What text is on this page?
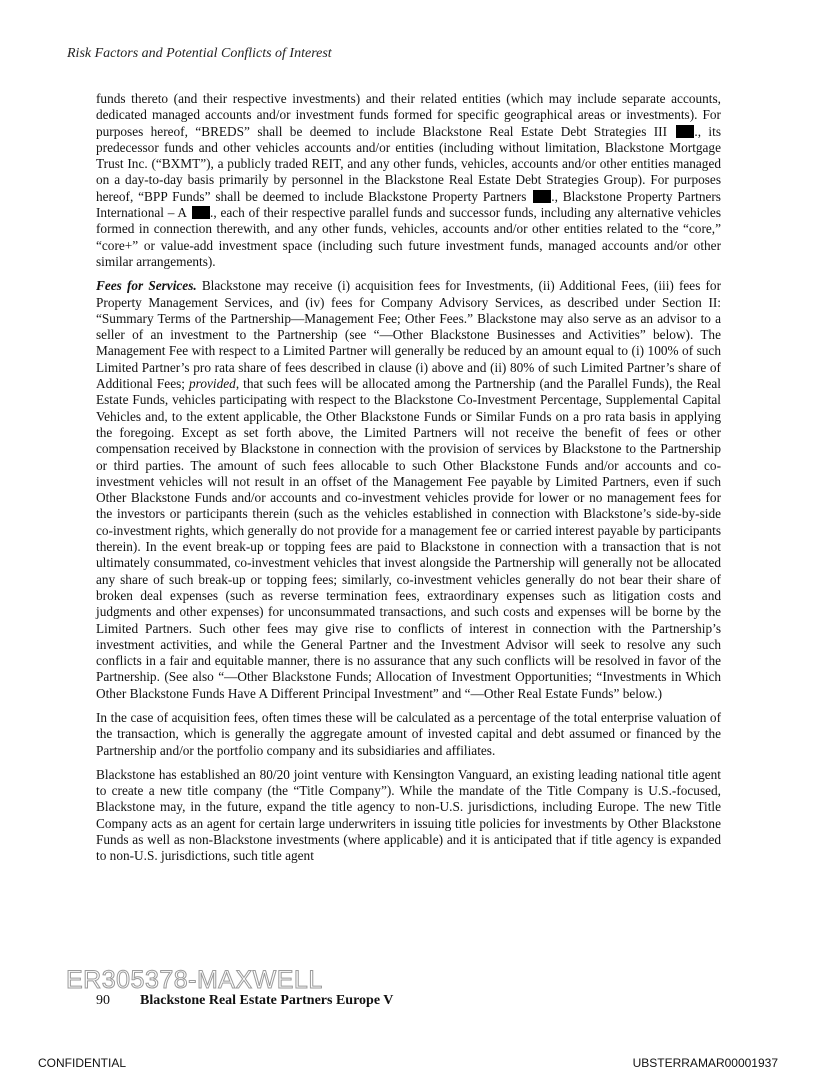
Risk Factors and Potential Conflicts of Interest

funds thereto (and their respective investments) and their related entities (which may include separate accounts, dedicated managed accounts and/or investment funds formed for specific geographical areas or investments). For purposes hereof, “BREDS” shall be deemed to include Blackstone Real Estate Debt Strategies III ., its predecessor funds and other vehicles accounts and/or entities (including without limitation, Blackstone Mortgage Trust Inc. (“BXMT”), a publicly traded REIT, and any other funds, vehicles, accounts and/or other entities managed on a day-to-day basis primarily by personnel in the Blackstone Real Estate Debt Strategies Group). For purposes hereof, “BPP Funds” shall be deemed to include Blackstone Property Partners ., Blackstone Property Partners International – A ., each of their respective parallel funds and successor funds, including any alternative vehicles formed in connection therewith, and any other funds, vehicles, accounts and/or other entities related to the “core,” “core+” or value-add investment space (including such future investment funds, managed accounts and/or other similar arrangements).

Fees for Services. Blackstone may receive (i) acquisition fees for Investments, (ii) Additional Fees, (iii) fees for Property Management Services, and (iv) fees for Company Advisory Services, as described under Section II: “Summary Terms of the Partnership—Management Fee; Other Fees.” Blackstone may also serve as an advisor to a seller of an investment to the Partnership (see “—Other Blackstone Businesses and Activities” below). The Management Fee with respect to a Limited Partner will generally be reduced by an amount equal to (i) 100% of such Limited Partner’s pro rata share of fees described in clause (i) above and (ii) 80% of such Limited Partner’s share of Additional Fees; provided, that such fees will be allocated among the Partnership (and the Parallel Funds), the Real Estate Funds, vehicles participating with respect to the Blackstone Co-Investment Percentage, Supplemental Capital Vehicles and, to the extent applicable, the Other Blackstone Funds or Similar Funds on a pro rata basis in applying the foregoing. Except as set forth above, the Limited Partners will not receive the benefit of fees or other compensation received by Blackstone in connection with the provision of services by Blackstone to the Partnership or third parties. The amount of such fees allocable to such Other Blackstone Funds and/or accounts and co-investment vehicles will not result in an offset of the Management Fee payable by Limited Partners, even if such Other Blackstone Funds and/or accounts and co-investment vehicles provide for lower or no management fees for the investors or participants therein (such as the vehicles established in connection with Blackstone’s side-by-side co-investment rights, which generally do not provide for a management fee or carried interest payable by participants therein). In the event break-up or topping fees are paid to Blackstone in connection with a transaction that is not ultimately consummated, co-investment vehicles that invest alongside the Partnership will generally not be allocated any share of such break-up or topping fees; similarly, co-investment vehicles generally do not bear their share of broken deal expenses (such as reverse termination fees, extraordinary expenses such as litigation costs and judgments and other expenses) for unconsummated transactions, and such costs and expenses will be borne by the Limited Partners. Such other fees may give rise to conflicts of interest in connection with the Partnership’s investment activities, and while the General Partner and the Investment Advisor will seek to resolve any such conflicts in a fair and equitable manner, there is no assurance that any such conflicts will be resolved in favor of the Partnership. (See also “—Other Blackstone Funds; Allocation of Investment Opportunities; “Investments in Which Other Blackstone Funds Have A Different Principal Investment” and “—Other Real Estate Funds” below.)

In the case of acquisition fees, often times these will be calculated as a percentage of the total enterprise valuation of the transaction, which is generally the aggregate amount of invested capital and debt assumed or financed by the Partnership and/or the portfolio company and its subsidiaries and affiliates.

Blackstone has established an 80/20 joint venture with Kensington Vanguard, an existing leading national title agent to create a new title company (the “Title Company”). While the mandate of the Title Company is U.S.-focused, Blackstone may, in the future, expand the title agency to non-U.S. jurisdictions, including Europe. The new Title Company acts as an agent for certain large underwriters in issuing title policies for investments by Other Blackstone Funds as well as non-Blackstone investments (where applicable) and it is anticipated that if title agency is expanded to non-U.S. jurisdictions, such title agent

ER305378-MAXWELL
90 Blackstone Real Estate Partners Europe V
CONFIDENTIAL	UBSTERRAMAR00001937
